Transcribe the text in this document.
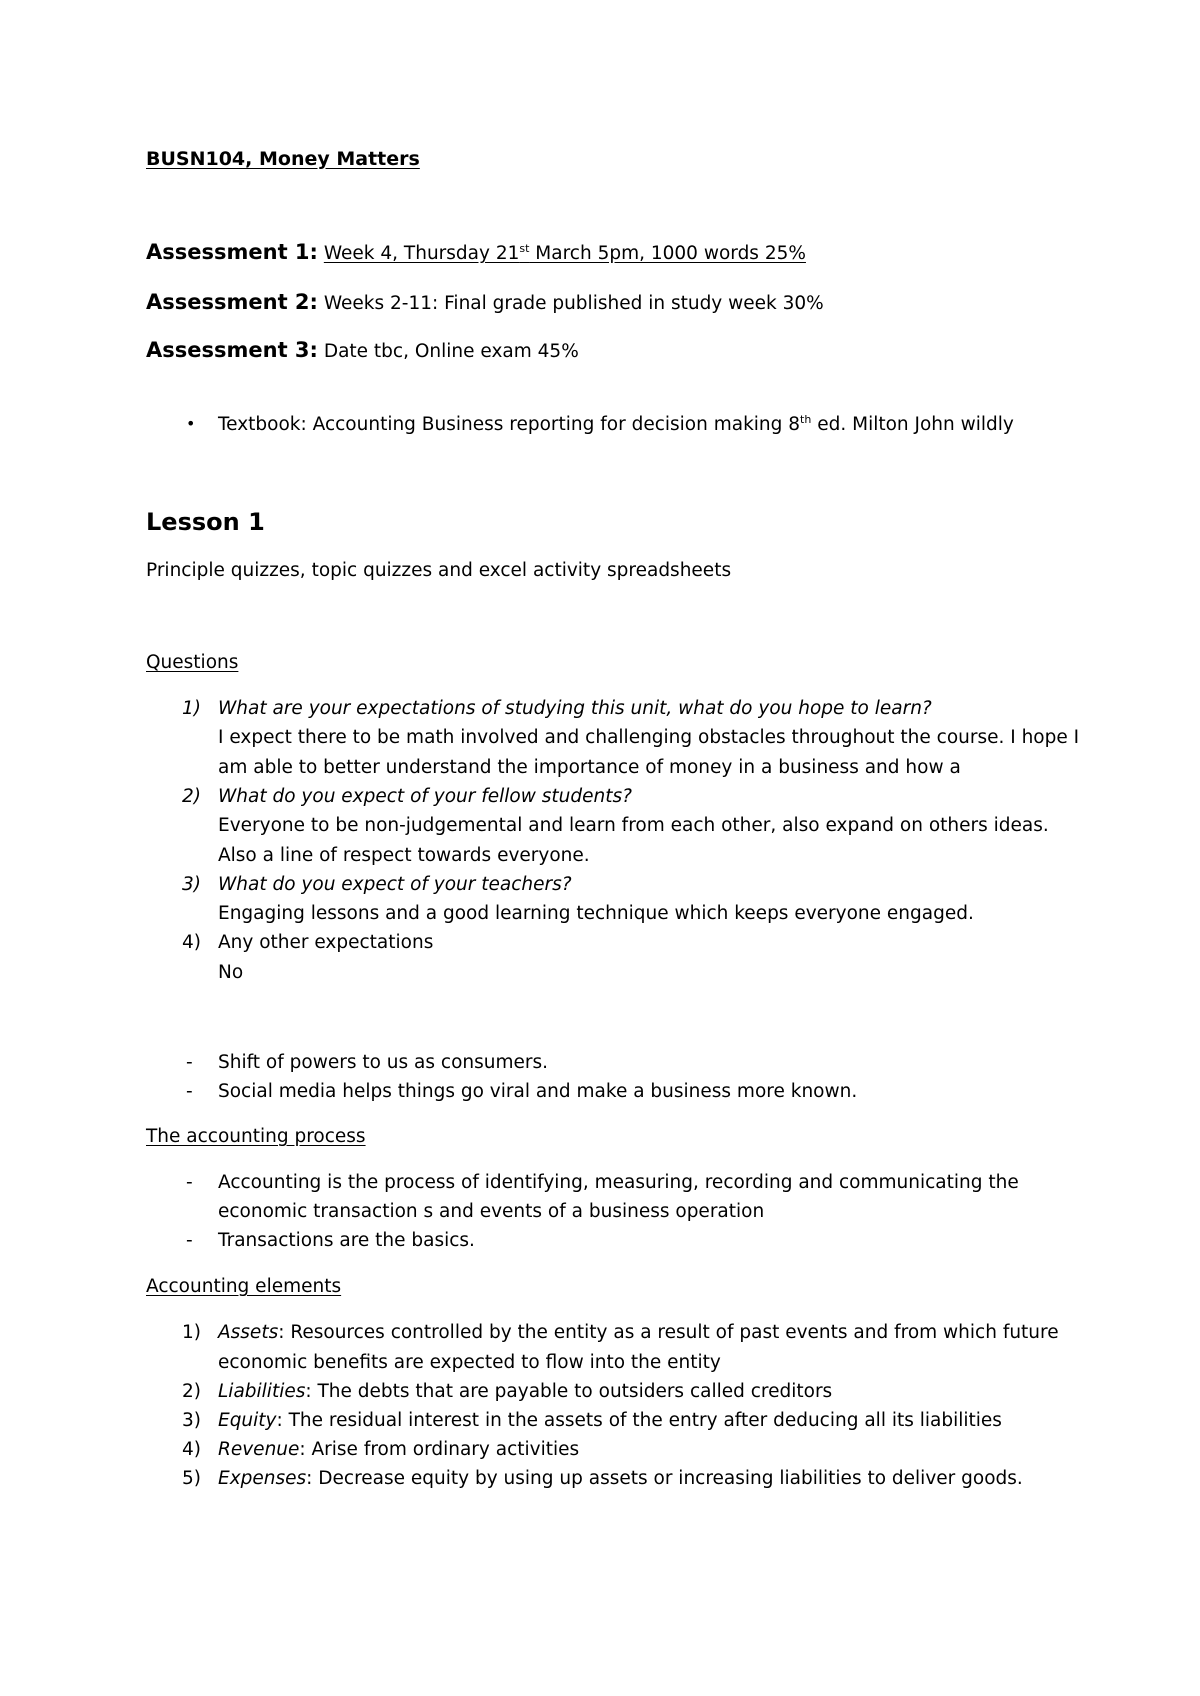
BUSN104, Money Matters
Assessment 1: Week 4, Thursday 21st March 5pm, 1000 words 25%
Assessment 2: Weeks 2-11: Final grade published in study week 30%
Assessment 3: Date tbc, Online exam 45%
• Textbook: Accounting Business reporting for decision making 8th ed. Milton John wildly
Lesson 1
Principle quizzes, topic quizzes and excel activity spreadsheets
Questions
1) What are your expectations of studying this unit, what do you hope to learn?
I expect there to be math involved and challenging obstacles throughout the course. I hope I
am able to better understand the importance of money in a business and how a
2) What do you expect of your fellow students?
Everyone to be non-judgemental and learn from each other, also expand on others ideas.
Also a line of respect towards everyone.
3) What do you expect of your teachers?
Engaging lessons and a good learning technique which keeps everyone engaged.
4) Any other expectations
No
- Shift of powers to us as consumers.
- Social media helps things go viral and make a business more known.
The accounting process
- Accounting is the process of identifying, measuring, recording and communicating the
economic transaction s and events of a business operation
- Transactions are the basics.
Accounting elements
1) Assets: Resources controlled by the entity as a result of past events and from which future
economic benefits are expected to flow into the entity
2) Liabilities: The debts that are payable to outsiders called creditors
3) Equity: The residual interest in the assets of the entry after deducing all its liabilities
4) Revenue: Arise from ordinary activities
5) Expenses: Decrease equity by using up assets or increasing liabilities to deliver goods.
